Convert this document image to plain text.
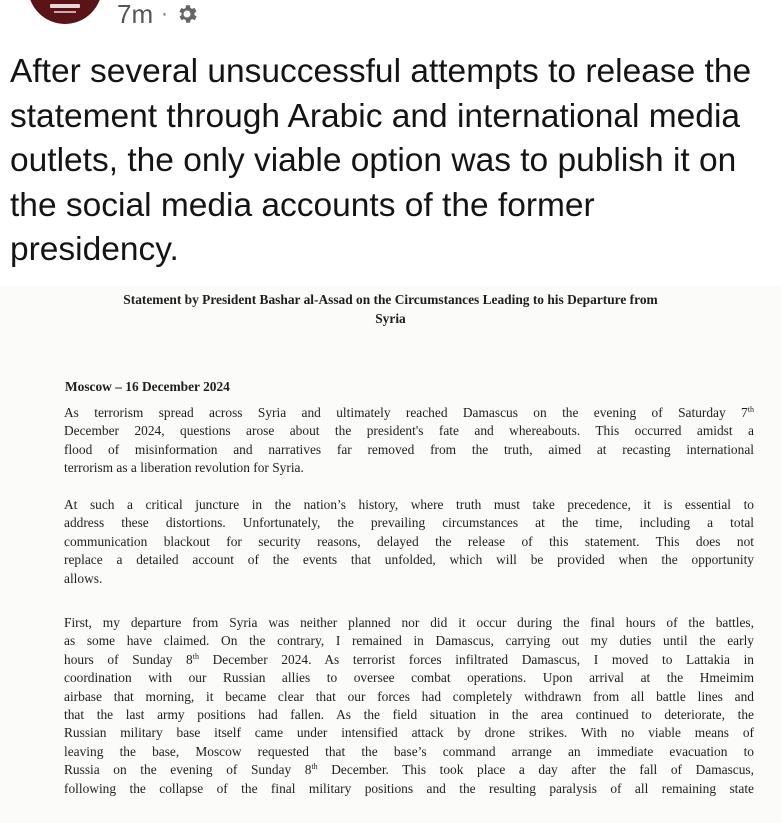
7m ·
After several unsuccessful attempts to release the
statement through Arabic and international media
outlets, the only viable option was to publish it on
the social media accounts of the former
presidency.
Statement by President Bashar al-Assad on the Circumstances Leading to his Departure from
Syria
Moscow – 16 December 2024
As terrorism spread across Syria and ultimately reached Damascus on the evening of Saturday 7th
December 2024, questions arose about the president's fate and whereabouts. This occurred amidst a
flood of misinformation and narratives far removed from the truth, aimed at recasting international
terrorism as a liberation revolution for Syria.
At such a critical juncture in the nation’s history, where truth must take precedence, it is essential to
address these distortions. Unfortunately, the prevailing circumstances at the time, including a total
communication blackout for security reasons, delayed the release of this statement. This does not
replace a detailed account of the events that unfolded, which will be provided when the opportunity
allows.
First, my departure from Syria was neither planned nor did it occur during the final hours of the battles,
as some have claimed. On the contrary, I remained in Damascus, carrying out my duties until the early
hours of Sunday 8th December 2024. As terrorist forces infiltrated Damascus, I moved to Lattakia in
coordination with our Russian allies to oversee combat operations. Upon arrival at the Hmeimim
airbase that morning, it became clear that our forces had completely withdrawn from all battle lines and
that the last army positions had fallen. As the field situation in the area continued to deteriorate, the
Russian military base itself came under intensified attack by drone strikes. With no viable means of
leaving the base, Moscow requested that the base’s command arrange an immediate evacuation to
Russia on the evening of Sunday 8th December. This took place a day after the fall of Damascus,
following the collapse of the final military positions and the resulting paralysis of all remaining state
